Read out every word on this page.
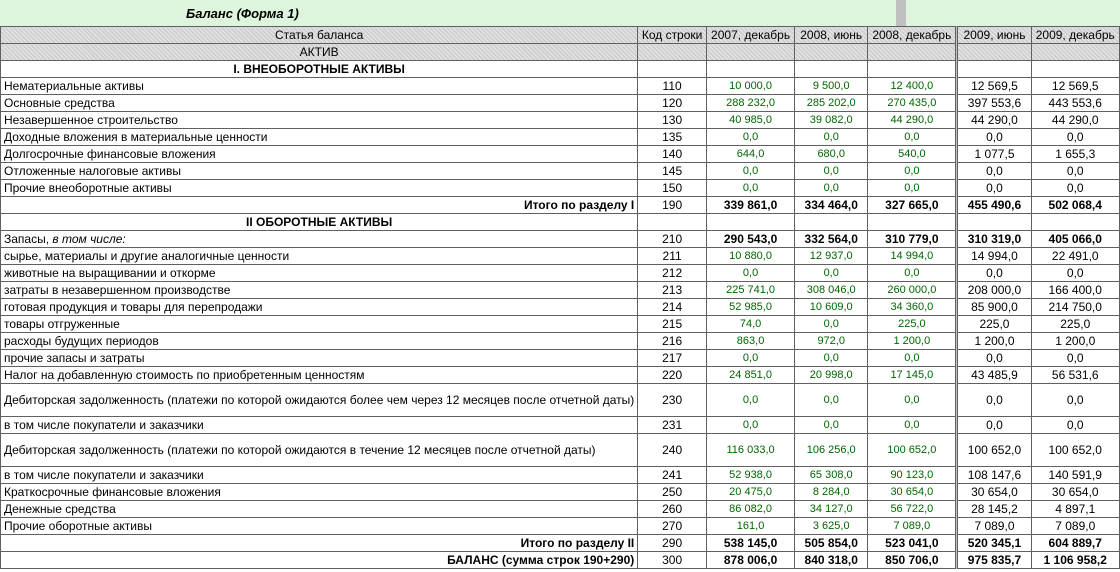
Баланс (Форма 1)
Статья баланса	Код строки	2007, декабрь	2008, июнь	2008, декабрь		2009, июнь	2009, декабрь
АКТИВ							
I. ВНЕОБОРОТНЫЕ АКТИВЫ							
Нематериальные активы	110	10 000,0	9 500,0	12 400,0		12 569,5	12 569,5
Основные средства	120	288 232,0	285 202,0	270 435,0		397 553,6	443 553,6
Незавершенное строительство	130	40 985,0	39 082,0	44 290,0		44 290,0	44 290,0
Доходные вложения в материальные ценности	135	0,0	0,0	0,0		0,0	0,0
Долгосрочные финансовые вложения	140	644,0	680,0	540,0		1 077,5	1 655,3
Отложенные налоговые активы	145	0,0	0,0	0,0		0,0	0,0
Прочие внеоборотные активы	150	0,0	0,0	0,0		0,0	0,0
Итого по разделу I	190	339 861,0	334 464,0	327 665,0		455 490,6	502 068,4
II ОБОРОТНЫЕ АКТИВЫ							
Запасы, в том числе:	210	290 543,0	332 564,0	310 779,0		310 319,0	405 066,0
сырье, материалы и другие аналогичные ценности	211	10 880,0	12 937,0	14 994,0		14 994,0	22 491,0
животные на выращивании и откорме	212	0,0	0,0	0,0		0,0	0,0
затраты в незавершенном производстве	213	225 741,0	308 046,0	260 000,0		208 000,0	166 400,0
готовая продукция и товары для перепродажи	214	52 985,0	10 609,0	34 360,0		85 900,0	214 750,0
товары отгруженные	215	74,0	0,0	225,0		225,0	225,0
расходы будущих периодов	216	863,0	972,0	1 200,0		1 200,0	1 200,0
прочие запасы и затраты	217	0,0	0,0	0,0		0,0	0,0
Налог на добавленную стоимость по приобретенным ценностям	220	24 851,0	20 998,0	17 145,0		43 485,9	56 531,6
Дебиторская задолженность (платежи по которой ожидаются более чем через 12 месяцев после отчетной даты)	230	0,0	0,0	0,0		0,0	0,0
в том числе покупатели и заказчики	231	0,0	0,0	0,0		0,0	0,0
Дебиторская задолженность (платежи по которой ожидаются в течение 12 месяцев после отчетной даты)	240	116 033,0	106 256,0	100 652,0		100 652,0	100 652,0
в том числе покупатели и заказчики	241	52 938,0	65 308,0	90 123,0		108 147,6	140 591,9
Краткосрочные финансовые вложения	250	20 475,0	8 284,0	30 654,0		30 654,0	30 654,0
Денежные средства	260	86 082,0	34 127,0	56 722,0		28 145,2	4 897,1
Прочие оборотные активы	270	161,0	3 625,0	7 089,0		7 089,0	7 089,0
Итого по разделу II	290	538 145,0	505 854,0	523 041,0		520 345,1	604 889,7
БАЛАНС (сумма строк 190+290)	300	878 006,0	840 318,0	850 706,0		975 835,7	1 106 958,2
